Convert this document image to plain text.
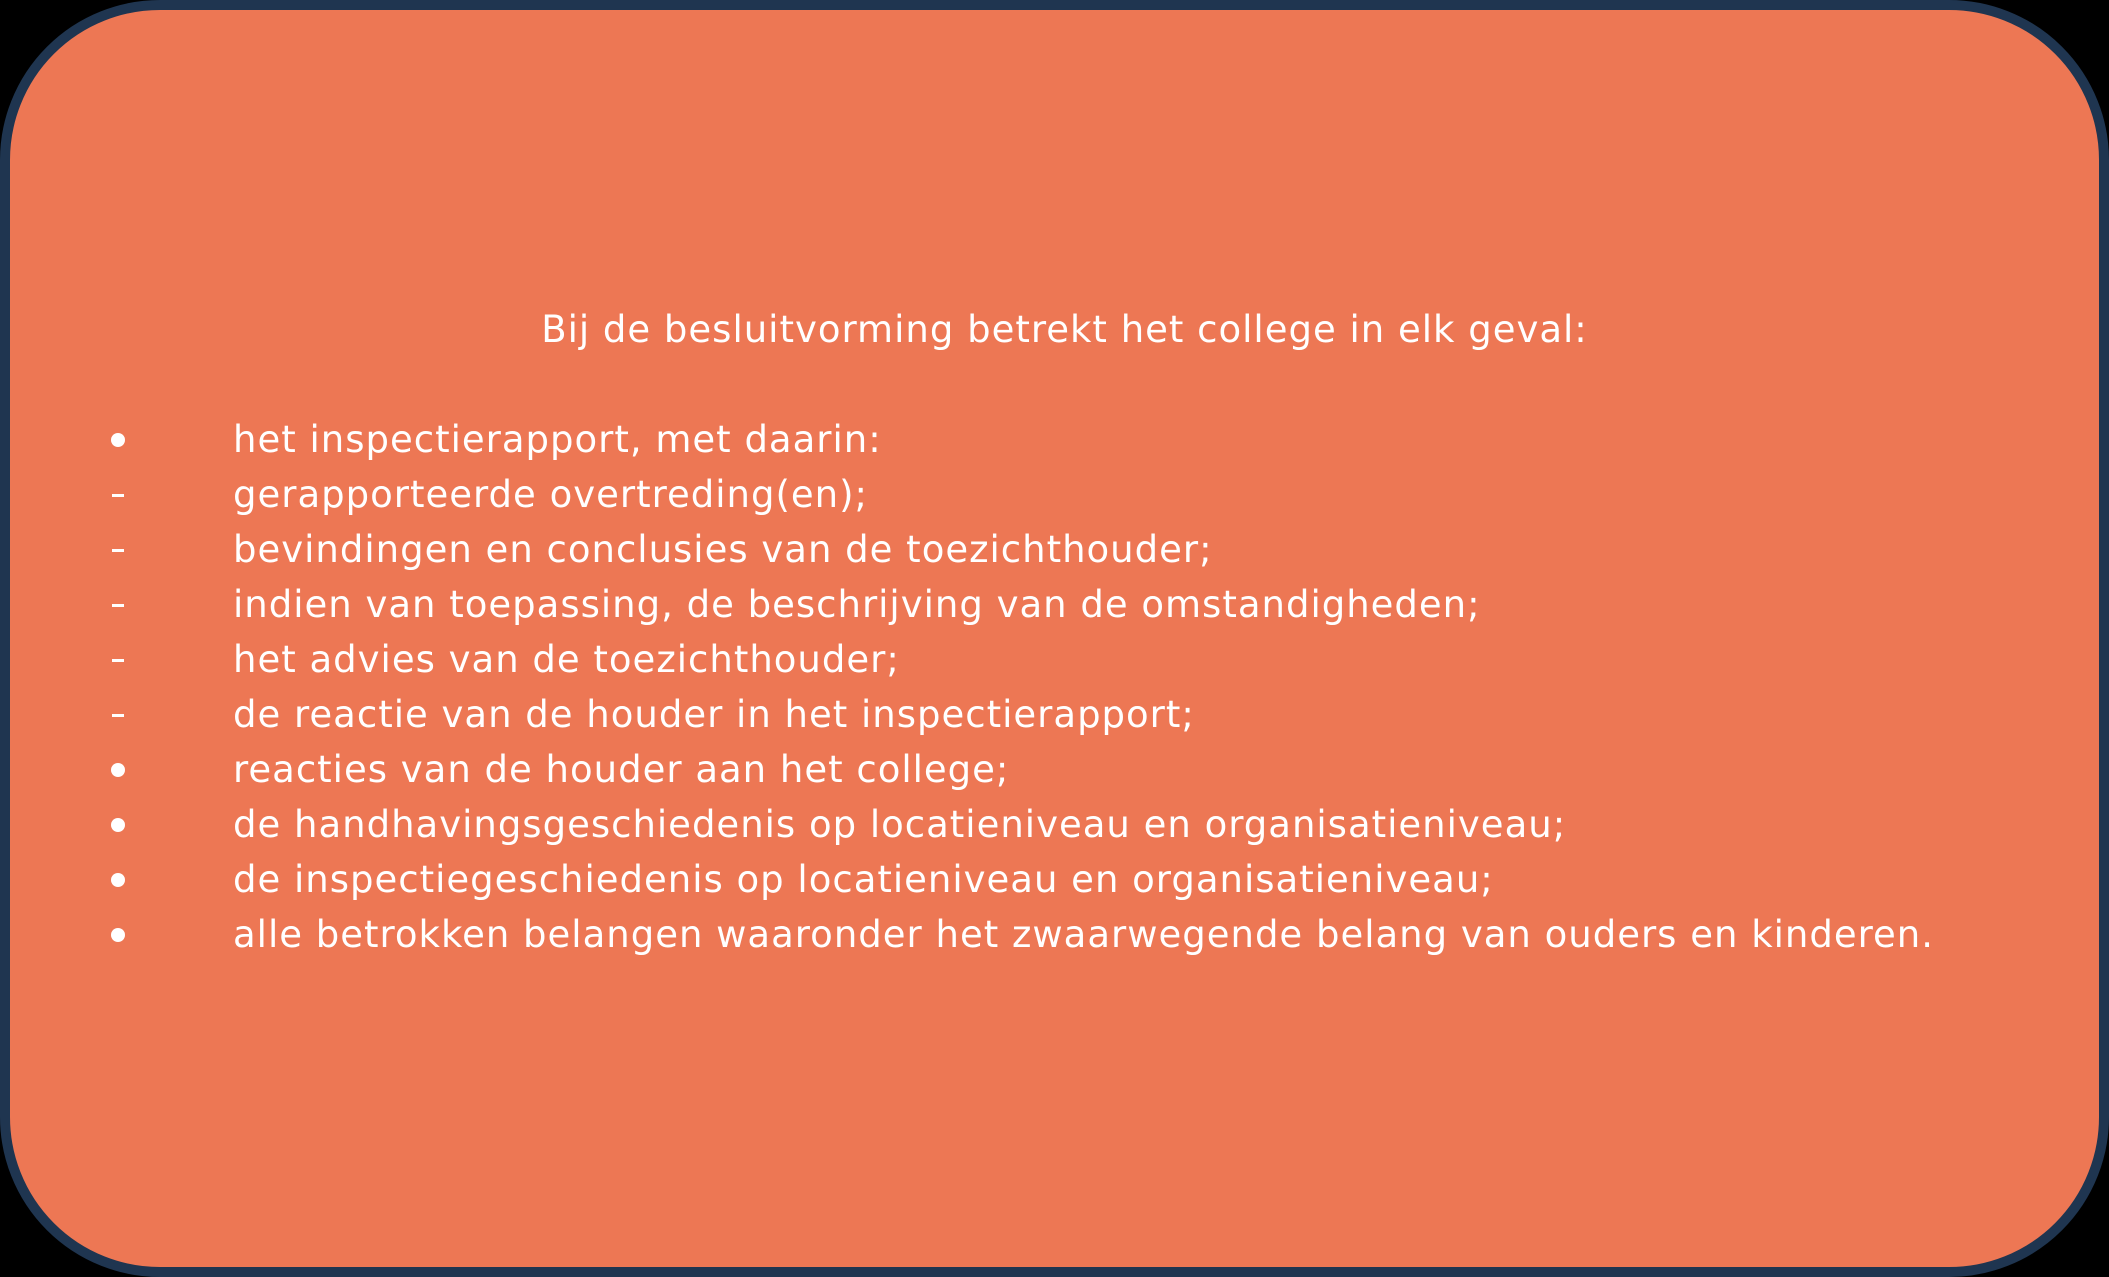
Bij de besluitvorming betrekt het college in elk geval:
het inspectierapport, met daarin:
gerapporteerde overtreding(en);
bevindingen en conclusies van de toezichthouder;
indien van toepassing, de beschrijving van de omstandigheden;
het advies van de toezichthouder;
de reactie van de houder in het inspectierapport;
reacties van de houder aan het college;
de handhavingsgeschiedenis op locatieniveau en organisatieniveau;
de inspectiegeschiedenis op locatieniveau en organisatieniveau;
alle betrokken belangen waaronder het zwaarwegende belang van ouders en kinderen.
